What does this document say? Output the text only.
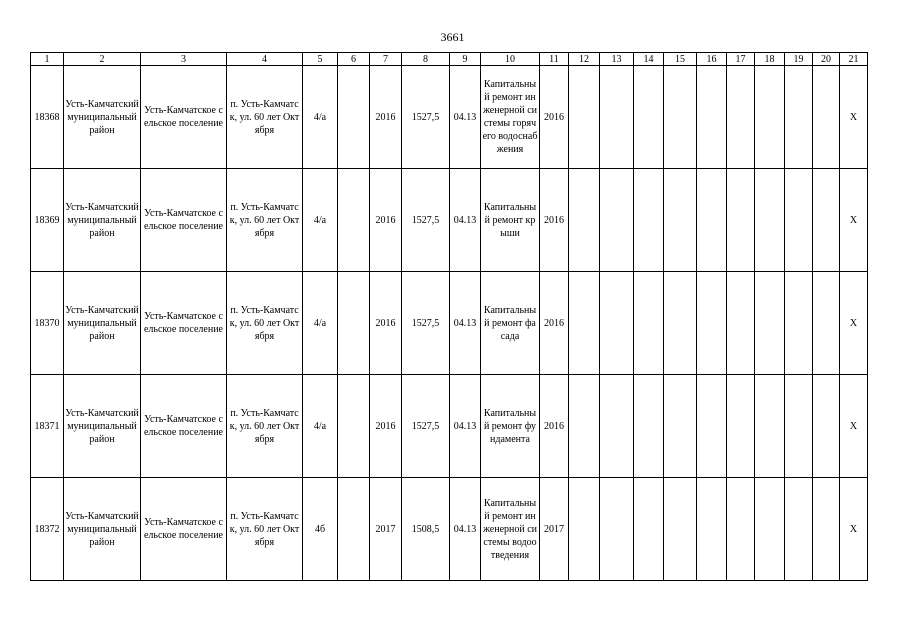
3661
1	2	3	4	5	6	7	8	9	10	11	12	13	14	15	16	17	18	19	20	21
18368	Усть-Камчатский муниципальный район	Усть-Камчатское сельское поселение	п. Усть-Камчатск, ул. 60 лет Октября	4/а		2016	1527,5	04.13	Капитальный ремонт инженерной системы горячего водоснабжения	2016										Х
18369	Усть-Камчатский муниципальный район	Усть-Камчатское сельское поселение	п. Усть-Камчатск, ул. 60 лет Октября	4/а		2016	1527,5	04.13	Капитальный ремонт крыши	2016										Х
18370	Усть-Камчатский муниципальный район	Усть-Камчатское сельское поселение	п. Усть-Камчатск, ул. 60 лет Октября	4/а		2016	1527,5	04.13	Капитальный ремонт фасада	2016										Х
18371	Усть-Камчатский муниципальный район	Усть-Камчатское сельское поселение	п. Усть-Камчатск, ул. 60 лет Октября	4/а		2016	1527,5	04.13	Капитальный ремонт фундамента	2016										Х
18372	Усть-Камчатский муниципальный район	Усть-Камчатское сельское поселение	п. Усть-Камчатск, ул. 60 лет Октября	4б		2017	1508,5	04.13	Капитальный ремонт инженерной системы водоотведения	2017										Х
